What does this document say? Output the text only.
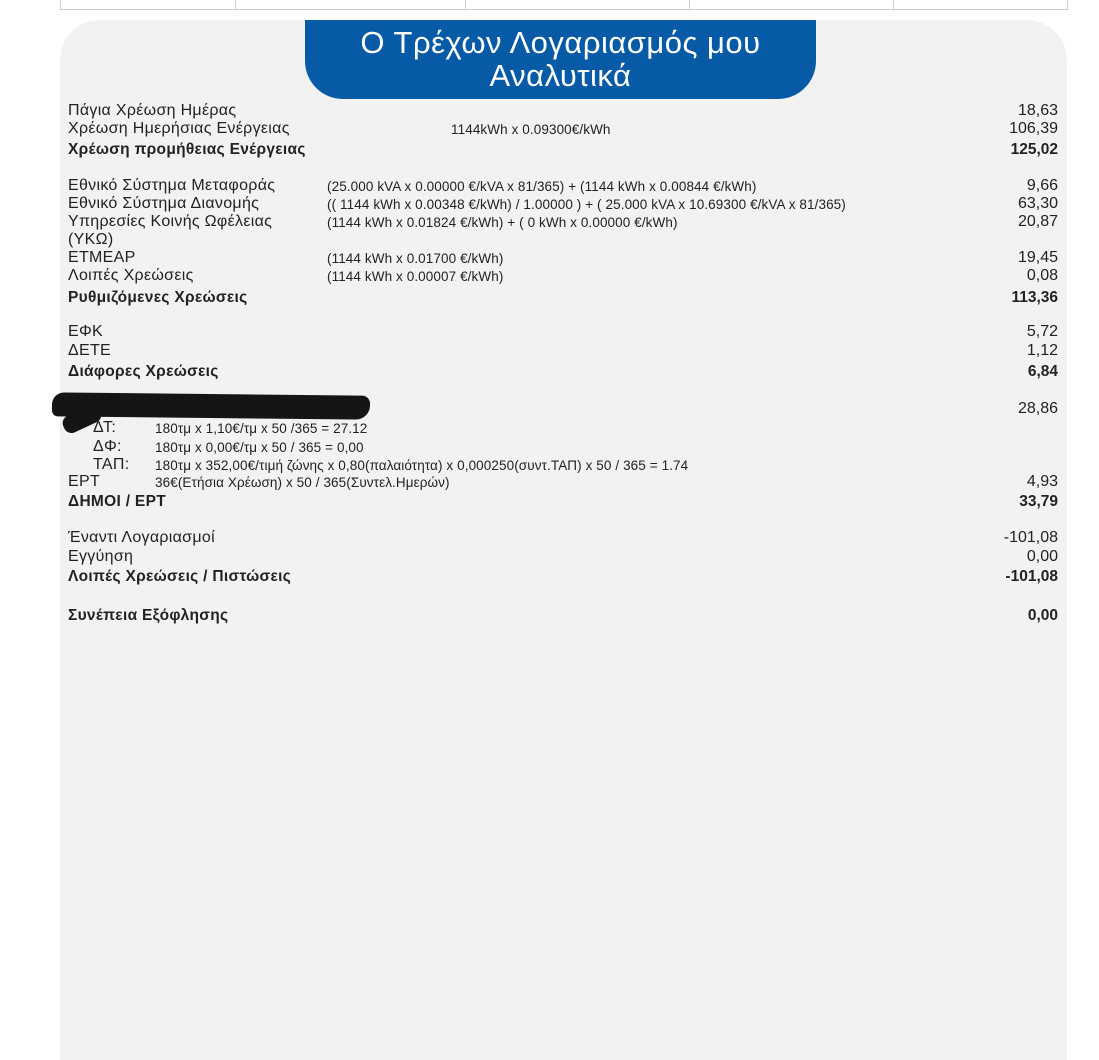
Ο Τρέχων Λογαριασμός μου
Αναλυτικά
Πάγια Χρέωση Ημέρας	18,63
Χρέωση Ημερήσιας Ενέργειας	1144kWh x 0.09300€/kWh	106,39
Χρέωση προμήθειας Ενέργειας	125,02
Εθνικό Σύστημα Μεταφοράς	(25.000 kVA x 0.00000 €/kVA x 81/365) + (1144 kWh x 0.00844 €/kWh)	9,66
Εθνικό Σύστημα Διανομής	(( 1144 kWh x 0.00348 €/kWh) / 1.00000 ) + ( 25.000 kVA x 10.69300 €/kVA x 81/365)	63,30
Υπηρεσίες Κοινής Ωφέλειας	(1144 kWh x 0.01824 €/kWh) + ( 0 kWh x 0.00000 €/kWh)	20,87
(ΥΚΩ)
ΕΤΜΕΑΡ	(1144 kWh x 0.01700 €/kWh)	19,45
Λοιπές Χρεώσεις	(1144 kWh x 0.00007 €/kWh)	0,08
Ρυθμιζόμενες Χρεώσεις	113,36
ΕΦΚ	5,72
ΔΕΤΕ	1,12
Διάφορες Χρεώσεις	6,84
28,86
ΔΤ:	180τμ x 1,10€/τμ x 50 /365 = 27.12
ΔΦ: 180τμ x 0,00€/τμ x 50 / 365 = 0,00
ΤΑΠ: 180τμ x 352,00€/τιμή ζώνης x 0,80(παλαιότητα) x 0,000250(συντ.ΤΑΠ) x 50 / 365 = 1.74
ΕΡΤ	36€(Ετήσια Χρέωση) x 50 / 365(Συντελ.Ημερών)	4,93
ΔΗΜΟΙ / ΕΡΤ	33,79
Έναντι Λογαριασμοί	-101,08
Εγγύηση	0,00
Λοιπές Χρεώσεις / Πιστώσεις	-101,08
Συνέπεια Εξόφλησης	0,00
